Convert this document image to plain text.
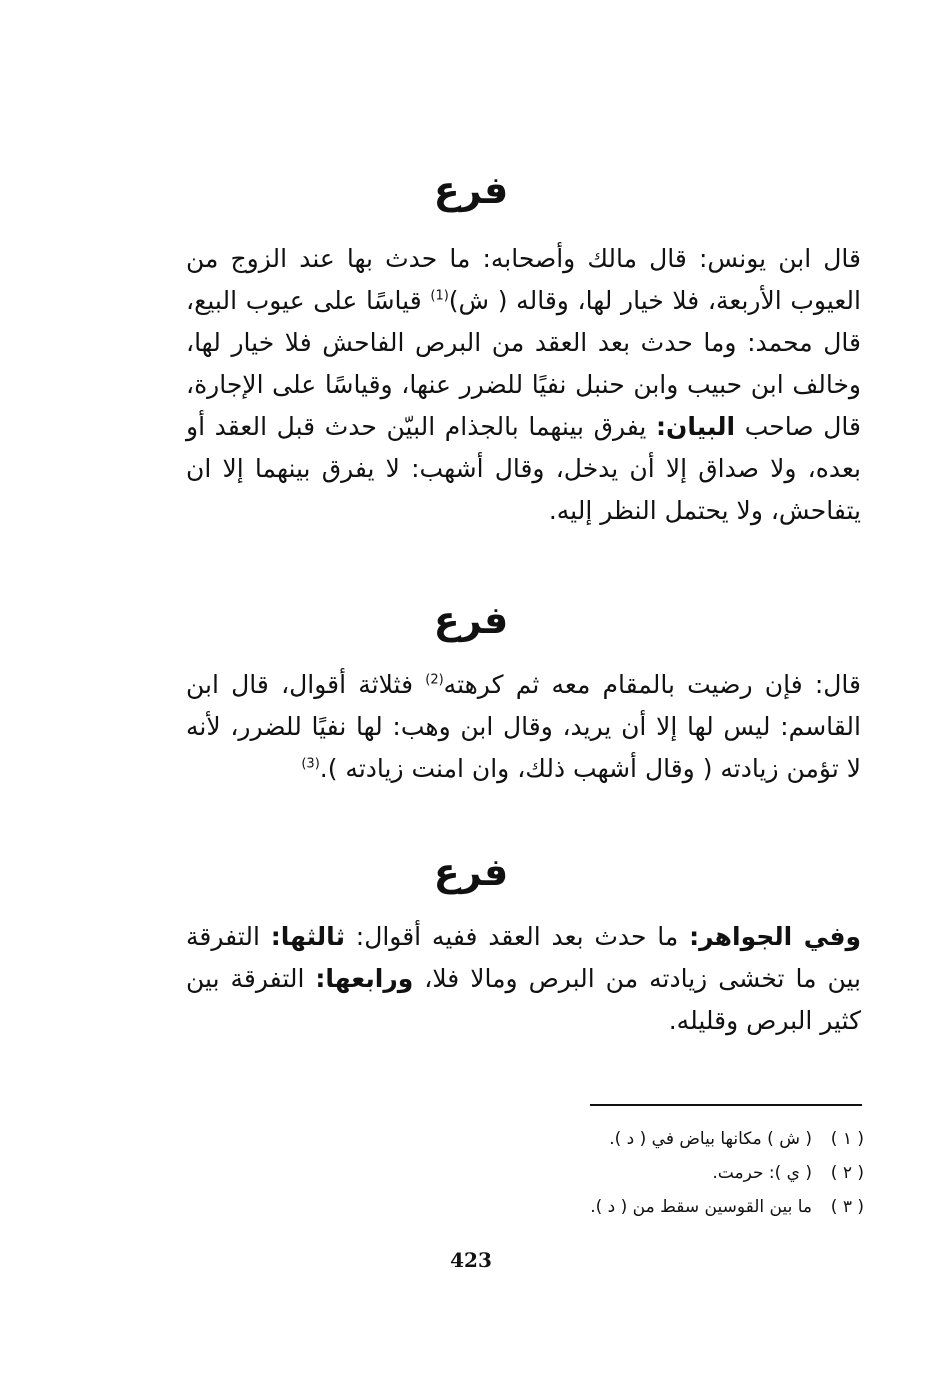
فرع

قال ابن يونس: قال مالك وأصحابه: ما حدث بها عند الزوج من العيوب الأربعة، فلا خيار لها، وقاله ( ش)$^{(1)}$ قياسًا على عيوب البيع، قال محمد: وما حدث بعد العقد من البرص الفاحش فلا خيار لها، وخالف ابن حبيب وابن حنبل نفيًا للضرر عنها، وقياسًا على الإجارة، قال صاحب البيان: يفرق بينهما بالجذام البيّن حدث قبل العقد أو بعده، ولا صداق إلا أن يدخل، وقال أشهب: لا يفرق بينهما إلا ان يتفاحش، ولا يحتمل النظر إليه.

فرع

قال: فإن رضيت بالمقام معه ثم كرهته$^{(2)}$ فثلاثة أقوال، قال ابن القاسم: ليس لها إلا أن يريد، وقال ابن وهب: لها نفيًا للضرر، لأنه لا تؤمن زيادته ( وقال أشهب ذلك، وان امنت زيادته ).$^{(3)}$

فرع

وفي الجواهر: ما حدث بعد العقد ففيه أقوال: ثالثها: التفرقة بين ما تخشى زيادته من البرص ومالا فلا، ورابعها: التفرقة بين كثير البرص وقليله.

( ١ )
( ش ) مكانها بياض في ( د ).
( ٢ )
( ي ): حرمت.
( ٣ )
ما بين القوسين سقط من ( د ).
423
